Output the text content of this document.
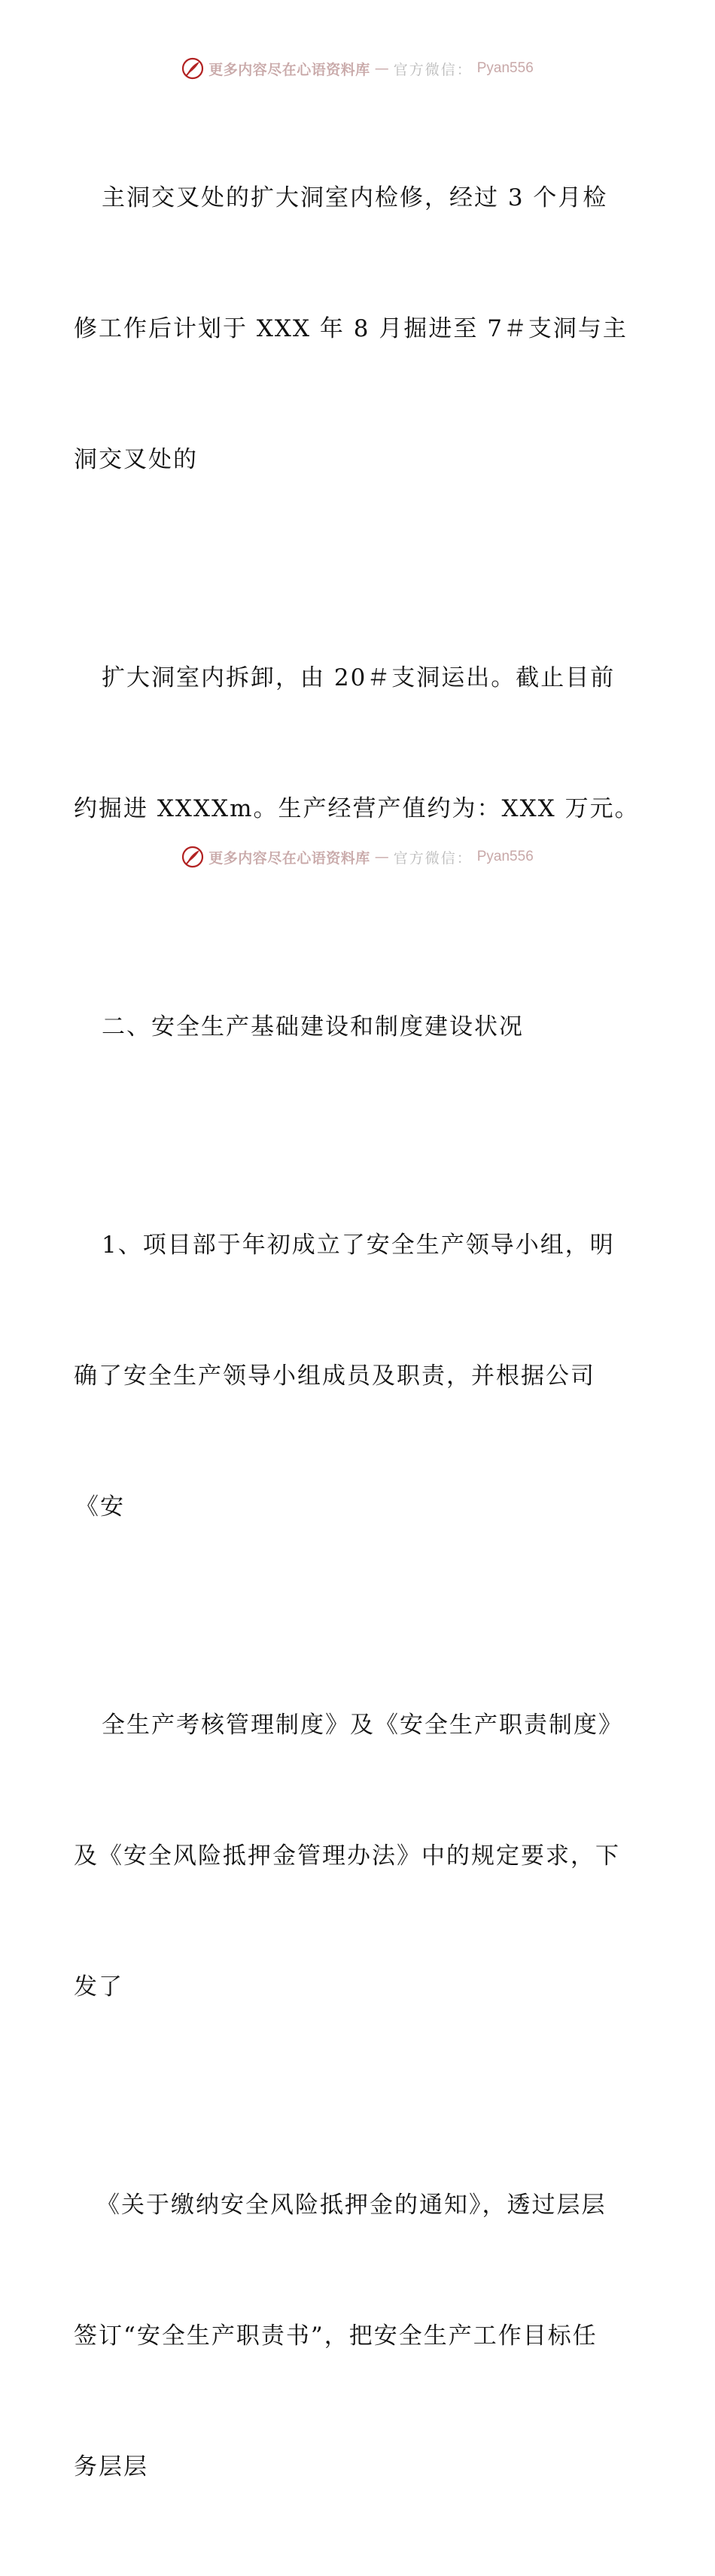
更多内容尽在心语资料库 — 官方微信： Pyan556

主洞交叉处的扩大洞室内检修，经过 3 个月检

修工作后计划于 XXX 年 8 月掘进至 7＃支洞与主

洞交叉处的

扩大洞室内拆卸，由 20＃支洞运出。截止目前

约掘进 XXXXm。生产经营产值约为：XXX 万元。

二、安全生产基础建设和制度建设状况

1、项目部于年初成立了安全生产领导小组，明

确了安全生产领导小组成员及职责，并根据公司

《安

全生产考核管理制度》及《安全生产职责制度》

及《安全风险抵押金管理办法》中的规定要求，下

发了

《关于缴纳安全风险抵押金的通知》，透过层层

签订“安全生产职责书”，把安全生产工作目标任

务层层

更多内容尽在心语资料库 — 官方微信： Pyan556
